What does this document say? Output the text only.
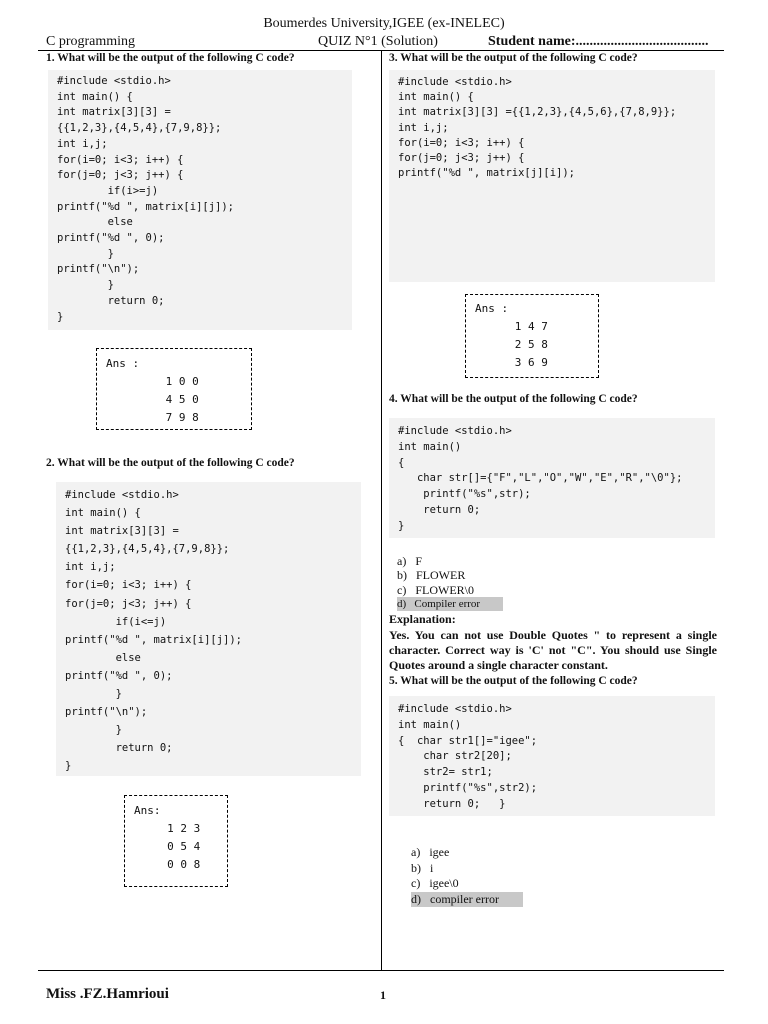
Boumerdes University,IGEE (ex-INELEC)
C programming	QUIZ N°1 (Solution)	Student name:......................................
1. What will be the output of the following C code?
#include <stdio.h>
int main() {
int matrix[3][3] =
{{1,2,3},{4,5,4},{7,9,8}};
int i,j;
for(i=0; i<3; i++) {
for(j=0; j<3; j++) {
if(i>=j)
printf("%d ", matrix[i][j]);
else
printf("%d ", 0);
}
printf("\n");
}
return 0;
}
Ans :
1 0 0
4 5 0
7 9 8
2. What will be the output of the following C code?
#include <stdio.h>
int main() {
int matrix[3][3] =
{{1,2,3},{4,5,4},{7,9,8}};
int i,j;
for(i=0; i<3; i++) {
for(j=0; j<3; j++) {
if(i<=j)
printf("%d ", matrix[i][j]);
else
printf("%d ", 0);
}
printf("\n");
}
return 0;
}
Ans:
1 2 3
0 5 4
0 0 8
3. What will be the output of the following C code?
#include <stdio.h>
int main() {
int matrix[3][3] ={{1,2,3},{4,5,6},{7,8,9}};
int i,j;
for(i=0; i<3; i++) {
for(j=0; j<3; j++) {
printf("%d ", matrix[j][i]);
Ans :
1 4 7
2 5 8
3 6 9
4. What will be the output of the following C code?
#include <stdio.h>
int main()
{
char str[]={"F","L","O","W","E","R","\0"};
printf("%s",str);
return 0;
}
a)   F
b)   FLOWER
c)   FLOWER\0
d)   Compiler error
Explanation:
Yes. You can not use Double Quotes " to represent a single character. Correct way is 'C' not "C". You should use Single Quotes around a single character constant.
5. What will be the output of the following C code?
#include <stdio.h>
int main()
{  char str1[]="igee";
char str2[20];
str2= str1;
printf("%s",str2);
return 0;   }
a)   igee
b)   i
c)   igee\0
d)   compiler error
Miss .FZ.Hamrioui	1
